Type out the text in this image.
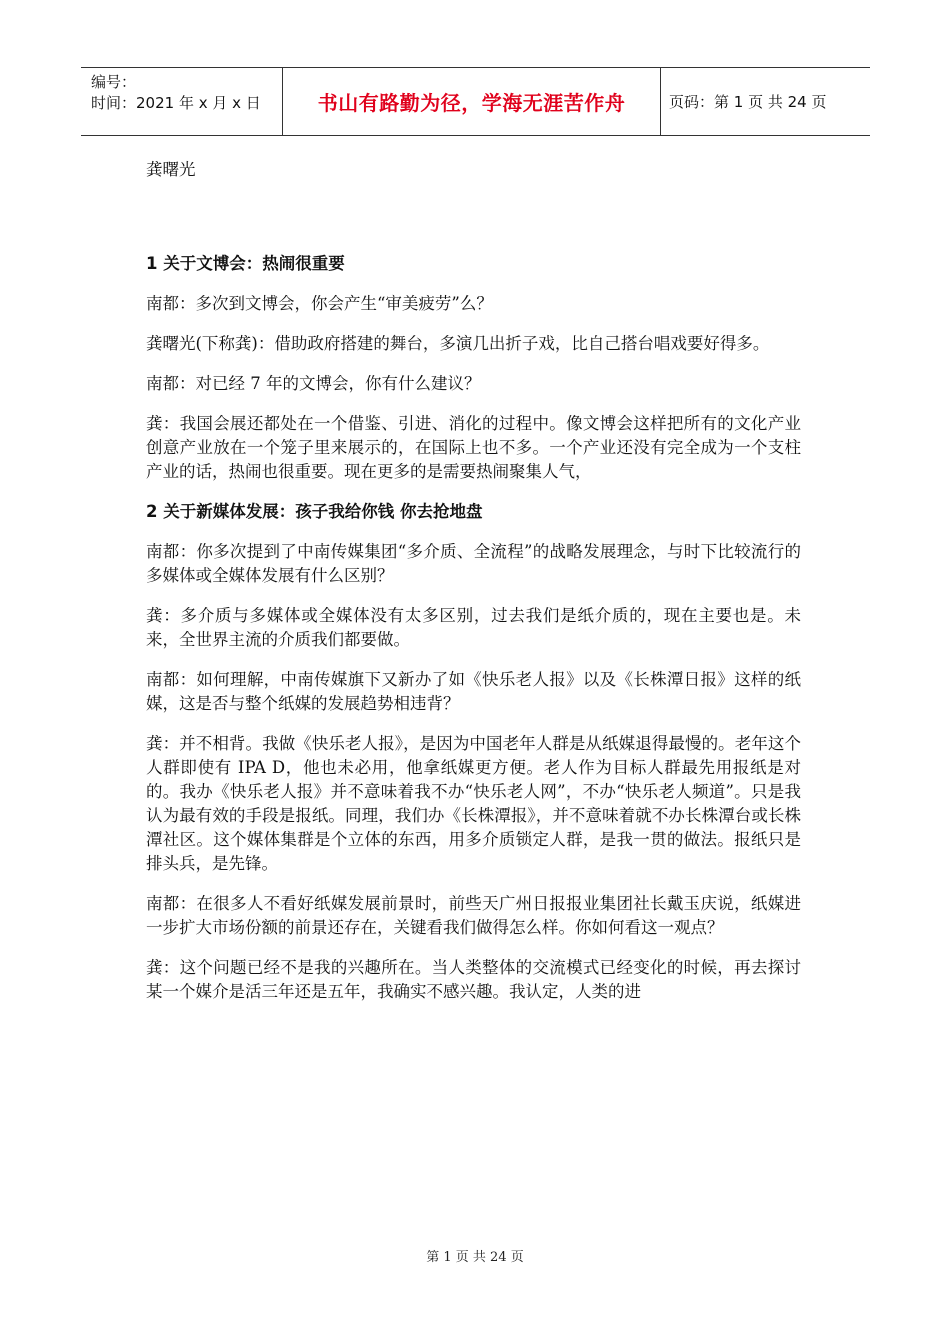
编号：
时间：2021 年 x 月 x 日	书山有路勤为径，学海无涯苦作舟	页码：第 1 页 共 24 页
龚曙光
1 关于文博会：热闹很重要

南都：多次到文博会，你会产生“审美疲劳”么？

龚曙光(下称龚)：借助政府搭建的舞台，多演几出折子戏，比自己搭台唱戏要好得多。

南都：对已经 7 年的文博会，你有什么建议？

龚：我国会展还都处在一个借鉴、引进、消化的过程中。像文博会这样把所有的文化产业创意产业放在一个笼子里来展示的，在国际上也不多。一个产业还没有完全成为一个支柱产业的话，热闹也很重要。现在更多的是需要热闹聚集人气，

2 关于新媒体发展：孩子我给你钱 你去抢地盘

南都：你多次提到了中南传媒集团“多介质、全流程”的战略发展理念，与时下比较流行的多媒体或全媒体发展有什么区别？

龚：多介质与多媒体或全媒体没有太多区别，过去我们是纸介质的，现在主要也是。未来，全世界主流的介质我们都要做。

南都：如何理解，中南传媒旗下又新办了如《快乐老人报》以及《长株潭日报》这样的纸媒，这是否与整个纸媒的发展趋势相违背？

龚：并不相背。我做《快乐老人报》，是因为中国老年人群是从纸媒退得最慢的。老年这个人群即使有 IPA D，他也未必用，他拿纸媒更方便。老人作为目标人群最先用报纸是对的。我办《快乐老人报》并不意味着我不办“快乐老人网”，不办“快乐老人频道”。只是我认为最有效的手段是报纸。同理，我们办《长株潭报》，并不意味着就不办长株潭台或长株潭社区。这个媒体集群是个立体的东西，用多介质锁定人群，是我一贯的做法。报纸只是排头兵，是先锋。

南都：在很多人不看好纸媒发展前景时，前些天广州日报报业集团社长戴玉庆说，纸媒进一步扩大市场份额的前景还存在，关键看我们做得怎么样。你如何看这一观点？

龚：这个问题已经不是我的兴趣所在。当人类整体的交流模式已经变化的时候，再去探讨某一个媒介是活三年还是五年，我确实不感兴趣。我认定，人类的进

第 1 页 共 24 页
